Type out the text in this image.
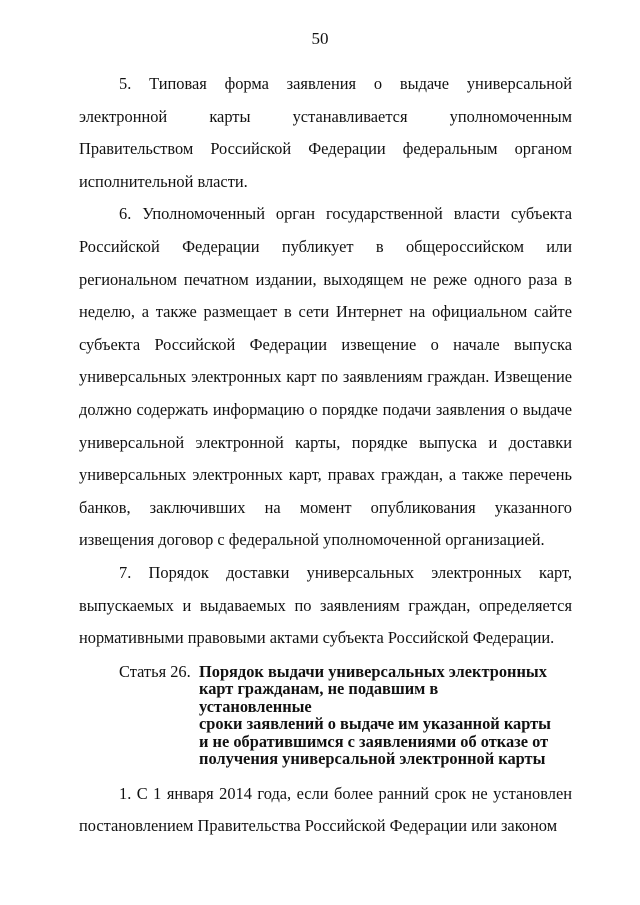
50

5. Типовая форма заявления о выдаче универсальной электронной карты устанавливается уполномоченным Правительством Российской Федерации федеральным органом исполнительной власти.

6. Уполномоченный орган государственной власти субъекта Российской Федерации публикует в общероссийском или региональном печатном издании, выходящем не реже одного раза в неделю, а также размещает в сети Интернет на официальном сайте субъекта Российской Федерации извещение о начале выпуска универсальных электронных карт по заявлениям граждан. Извещение должно содержать информацию о порядке подачи заявления о выдаче универсальной электронной карты, порядке выпуска и доставки универсальных электронных карт, правах граждан, а также перечень банков, заключивших на момент опубликования указанного извещения договор с федеральной уполномоченной организацией.

7. Порядок доставки универсальных электронных карт, выпускаемых и выдаваемых по заявлениям граждан, определяется нормативными правовыми актами субъекта Российской Федерации.

Статья 26. Порядок выдачи универсальных электронных
карт гражданам, не подавшим в установленные
сроки заявлений о выдаче им указанной карты
и не обратившимся с заявлениями об отказе от
получения универсальной электронной карты

1. С 1 января 2014 года, если более ранний срок не установлен постановлением Правительства Российской Федерации или законом
